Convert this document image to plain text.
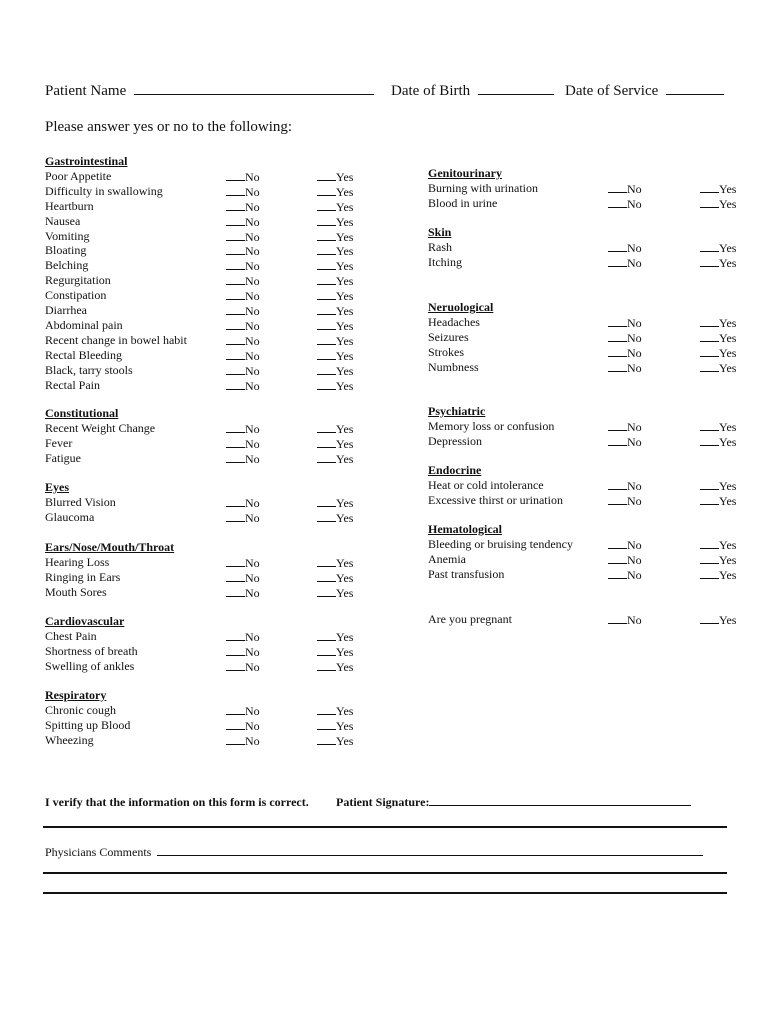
Patient Name	Date of Birth	Date of Service
Please answer yes or no to the following:
Gastrointestinal
Poor Appetite	No	Yes
Difficulty in swallowing	No	Yes
Heartburn	No	Yes
Nausea	No	Yes
Vomiting	No	Yes
Bloating	No	Yes
Belching	No	Yes
Regurgitation	No	Yes
Constipation	No	Yes
Diarrhea	No	Yes
Abdominal pain	No	Yes
Recent change in bowel habit	No	Yes
Rectal Bleeding	No	Yes
Black, tarry stools	No	Yes
Rectal Pain	No	Yes
Constitutional
Recent Weight Change	No	Yes
Fever	No	Yes
Fatigue	No	Yes
Eyes
Blurred Vision	No	Yes
Glaucoma	No	Yes
Ears/Nose/Mouth/Throat
Hearing Loss	No	Yes
Ringing in Ears	No	Yes
Mouth Sores	No	Yes
Cardiovascular
Chest Pain	No	Yes
Shortness of breath	No	Yes
Swelling of ankles	No	Yes
Respiratory
Chronic cough	No	Yes
Spitting up Blood	No	Yes
Wheezing	No	Yes
Genitourinary
Burning with urination	No	Yes
Blood in urine	No	Yes
Skin
Rash	No	Yes
Itching	No	Yes
Neruological
Headaches	No	Yes
Seizures	No	Yes
Strokes	No	Yes
Numbness	No	Yes
Psychiatric
Memory loss or confusion	No	Yes
Depression	No	Yes
Endocrine
Heat or cold intolerance	No	Yes
Excessive thirst or urination	No	Yes
Hematological
Bleeding or bruising tendency	No	Yes
Anemia	No	Yes
Past transfusion	No	Yes
Are you pregnant	No	Yes
I verify that the information on this form is correct. Patient Signature:
Physicians Comments
